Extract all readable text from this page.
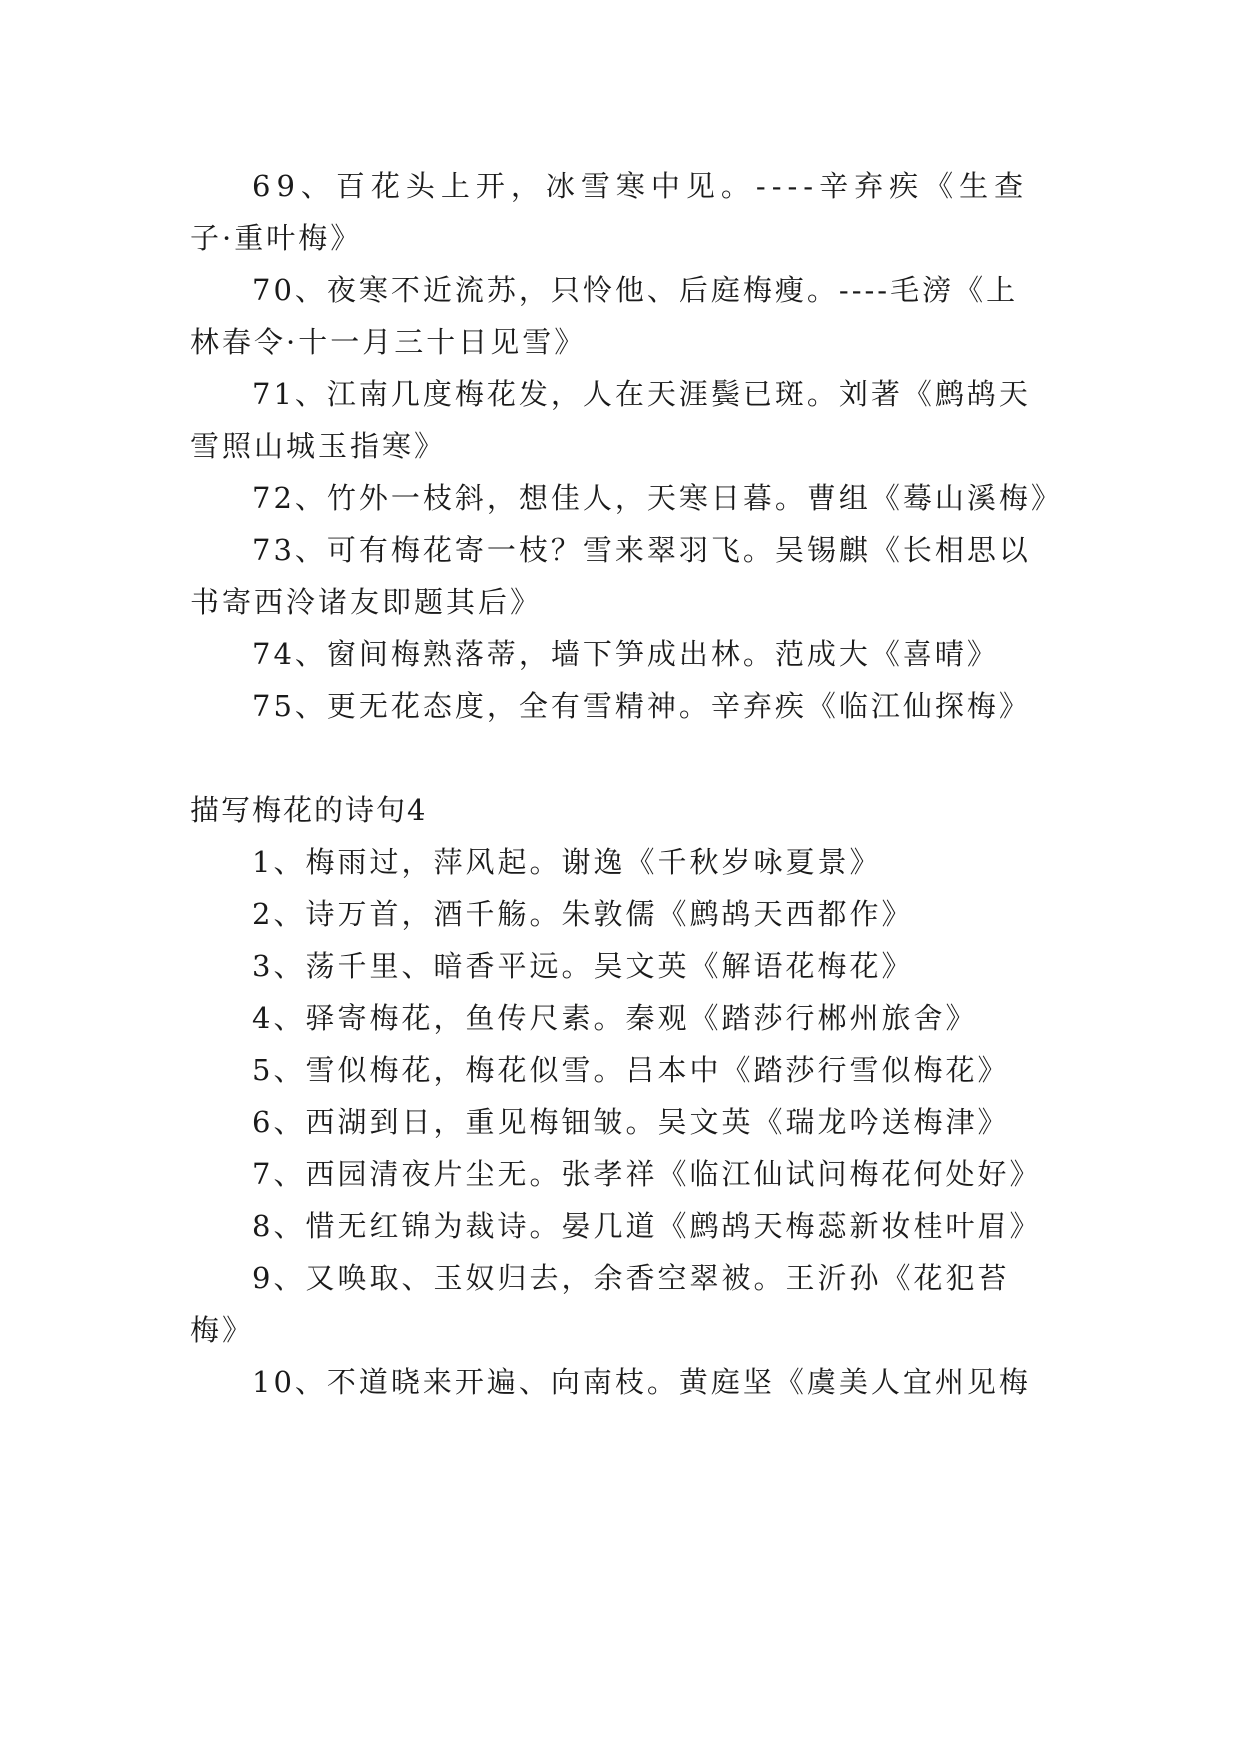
69、百花头上开，冰雪寒中见。----辛弃疾《生查
子·重叶梅》
70、夜寒不近流苏，只怜他、后庭梅瘦。----毛滂《上
林春令·十一月三十日见雪》
71、江南几度梅花发，人在天涯鬓已斑。刘著《鹧鸪天
雪照山城玉指寒》
72、竹外一枝斜，想佳人，天寒日暮。曹组《蓦山溪梅》
73、可有梅花寄一枝？雪来翠羽飞。吴锡麒《长相思以
书寄西泠诸友即题其后》
74、窗间梅熟落蒂，墙下笋成出林。范成大《喜晴》
75、更无花态度，全有雪精神。辛弃疾《临江仙探梅》
描写梅花的诗句4
1、梅雨过，萍风起。谢逸《千秋岁咏夏景》
2、诗万首，酒千觞。朱敦儒《鹧鸪天西都作》
3、荡千里、暗香平远。吴文英《解语花梅花》
4、驿寄梅花，鱼传尺素。秦观《踏莎行郴州旅舍》
5、雪似梅花，梅花似雪。吕本中《踏莎行雪似梅花》
6、西湖到日，重见梅钿皱。吴文英《瑞龙吟送梅津》
7、西园清夜片尘无。张孝祥《临江仙试问梅花何处好》
8、惜无红锦为裁诗。晏几道《鹧鸪天梅蕊新妆桂叶眉》
9、又唤取、玉奴归去，余香空翠被。王沂孙《花犯苔
梅》
10、不道晓来开遍、向南枝。黄庭坚《虞美人宜州见梅
